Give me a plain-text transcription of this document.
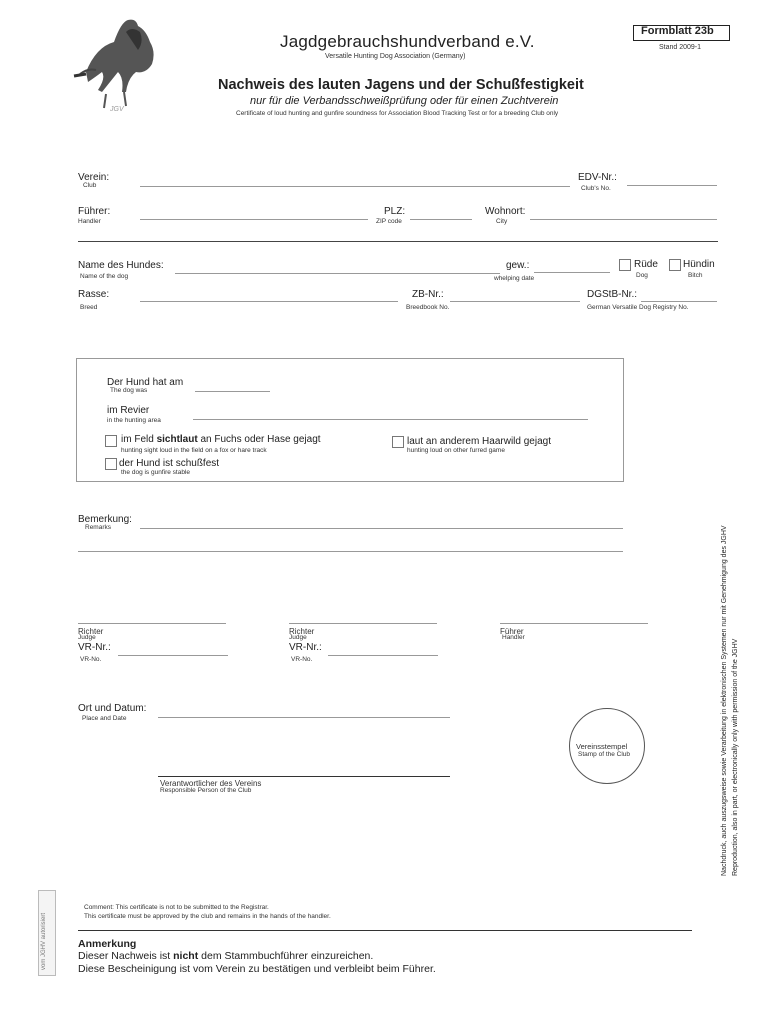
JGV
Jagdgebrauchshundverband e.V.
Versatile Hunting Dog Association (Germany)
Formblatt 23b
Stand 2009-1
Nachweis des lauten Jagens und der Schußfestigkeit
nur für die Verbandsschweißprüfung oder für einen Zuchtverein
Certificate of loud hunting and gunfire soundness for Association Blood Tracking Test or for a breeding Club only
Verein:
Club
EDV-Nr.:
Club's No.
Führer:
Handler
PLZ:
ZIP code
Wohnort:
City
Name des Hundes:
Name of the dog
gew.:
whelping date
Rüde
Dog
Hündin
Bitch
Rasse:
Breed
ZB-Nr.:
Breedbook No.
DGStB-Nr.:
German Versatile Dog Registry No.
Der Hund hat am
The dog was
im Revier
in the hunting area
im Feld sichtlaut an Fuchs oder Hase gejagt
hunting sight loud in the field on a fox or hare track
laut an anderem Haarwild gejagt
hunting loud on other furred game
der Hund ist schußfest
the dog is gunfire stable
Bemerkung:
Remarks
Richter
Judge
VR-Nr.:
VR-No.
Richter
Judge
VR-Nr.:
VR-No.
Führer
Handler
Ort und Datum:
Place and Date
Vereinsstempel
Stamp of the Club
Verantwortlicher des Vereins
Responsible Person of the Club	Nachdruck, auch auszugsweise sowie Verarbeitung in elektronischen Systemen nur mit Genehmigung des JGHV Reproduction, also in part, or electronically only with permission of the JGHV
vom JGHV autorisiert
Comment: This certificate is not to be submitted to the Registrar.
This certificate must be approved by the club and remains in the hands of the handler.
Anmerkung
Dieser Nachweis ist nicht dem Stammbuchführer einzureichen.
Diese Bescheinigung ist vom Verein zu bestätigen und verbleibt beim Führer.
